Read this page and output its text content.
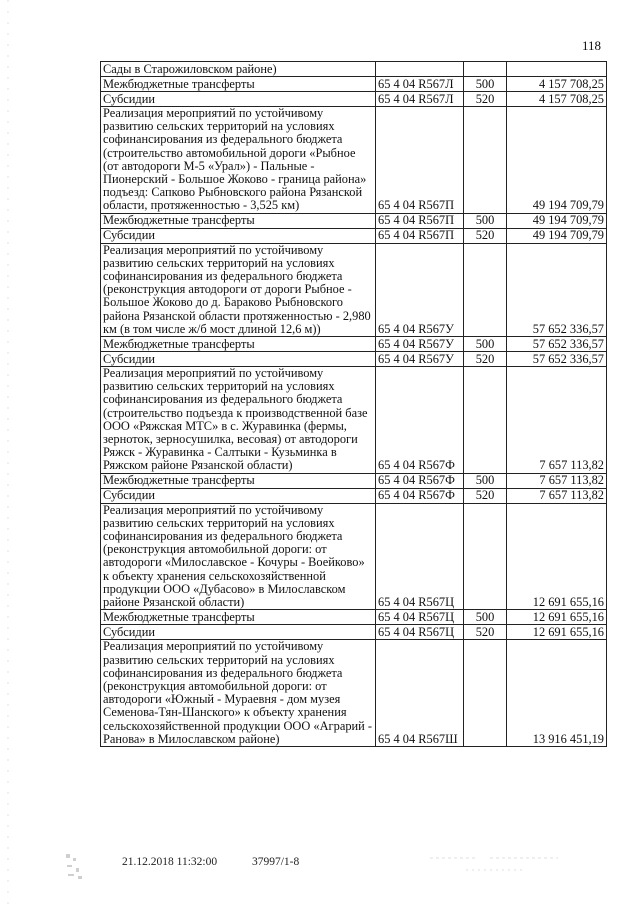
118
Сады в Старожиловском районе)			
Межбюджетные трансферты	65 4 04 R567Л	500	4 157 708,25
Субсидии	65 4 04 R567Л	520	4 157 708,25
Реализация мероприятий по устойчивому развитию сельских территорий на условиях софинансирования из федерального бюджета (строительство автомобильной дороги «Рыбное (от автодороги М-5 «Урал») - Пальные - Пионерский - Большое Жоково - граница района» подъезд: Сапково Рыбновского района Рязанской области, протяженностью - 3,525 км)	65 4 04 R567П		49 194 709,79
Межбюджетные трансферты	65 4 04 R567П	500	49 194 709,79
Субсидии	65 4 04 R567П	520	49 194 709,79
Реализация мероприятий по устойчивому развитию сельских территорий на условиях софинансирования из федерального бюджета (реконструкция автодороги от дороги Рыбное - Большое Жоково до д. Бараково Рыбновского района Рязанской области протяженностью - 2,980 км (в том числе ж/б мост длиной 12,6 м))	65 4 04 R567У		57 652 336,57
Межбюджетные трансферты	65 4 04 R567У	500	57 652 336,57
Субсидии	65 4 04 R567У	520	57 652 336,57
Реализация мероприятий по устойчивому развитию сельских территорий на условиях софинансирования из федерального бюджета (строительство подъезда к производственной базе ООО «Ряжская МТС» в с. Журавинка (фермы, зерноток, зерносушилка, весовая) от автодороги Ряжск - Журавинка - Салтыки - Кузьминка в Ряжском районе Рязанской области)	65 4 04 R567Ф		7 657 113,82
Межбюджетные трансферты	65 4 04 R567Ф	500	7 657 113,82
Субсидии	65 4 04 R567Ф	520	7 657 113,82
Реализация мероприятий по устойчивому развитию сельских территорий на условиях софинансирования из федерального бюджета (реконструкция автомобильной дороги: от автодороги «Милославское - Кочуры - Воейково» к объекту хранения сельскохозяйственной продукции ООО «Дубасово» в Милославском районе Рязанской области)	65 4 04 R567Ц		12 691 655,16
Межбюджетные трансферты	65 4 04 R567Ц	500	12 691 655,16
Субсидии	65 4 04 R567Ц	520	12 691 655,16
Реализация мероприятий по устойчивому развитию сельских территорий на условиях софинансирования из федерального бюджета (реконструкция автомобильной дороги: от автодороги «Южный - Мураевня - дом музея Семенова-Тян-Шанского» к объекту хранения сельскохозяйственной продукции ООО «Аграрий - Ранова» в Милославском районе)	65 4 04 R567Ш		13 916 451,19
21.12.2018 11:32:00	37997/1-8
